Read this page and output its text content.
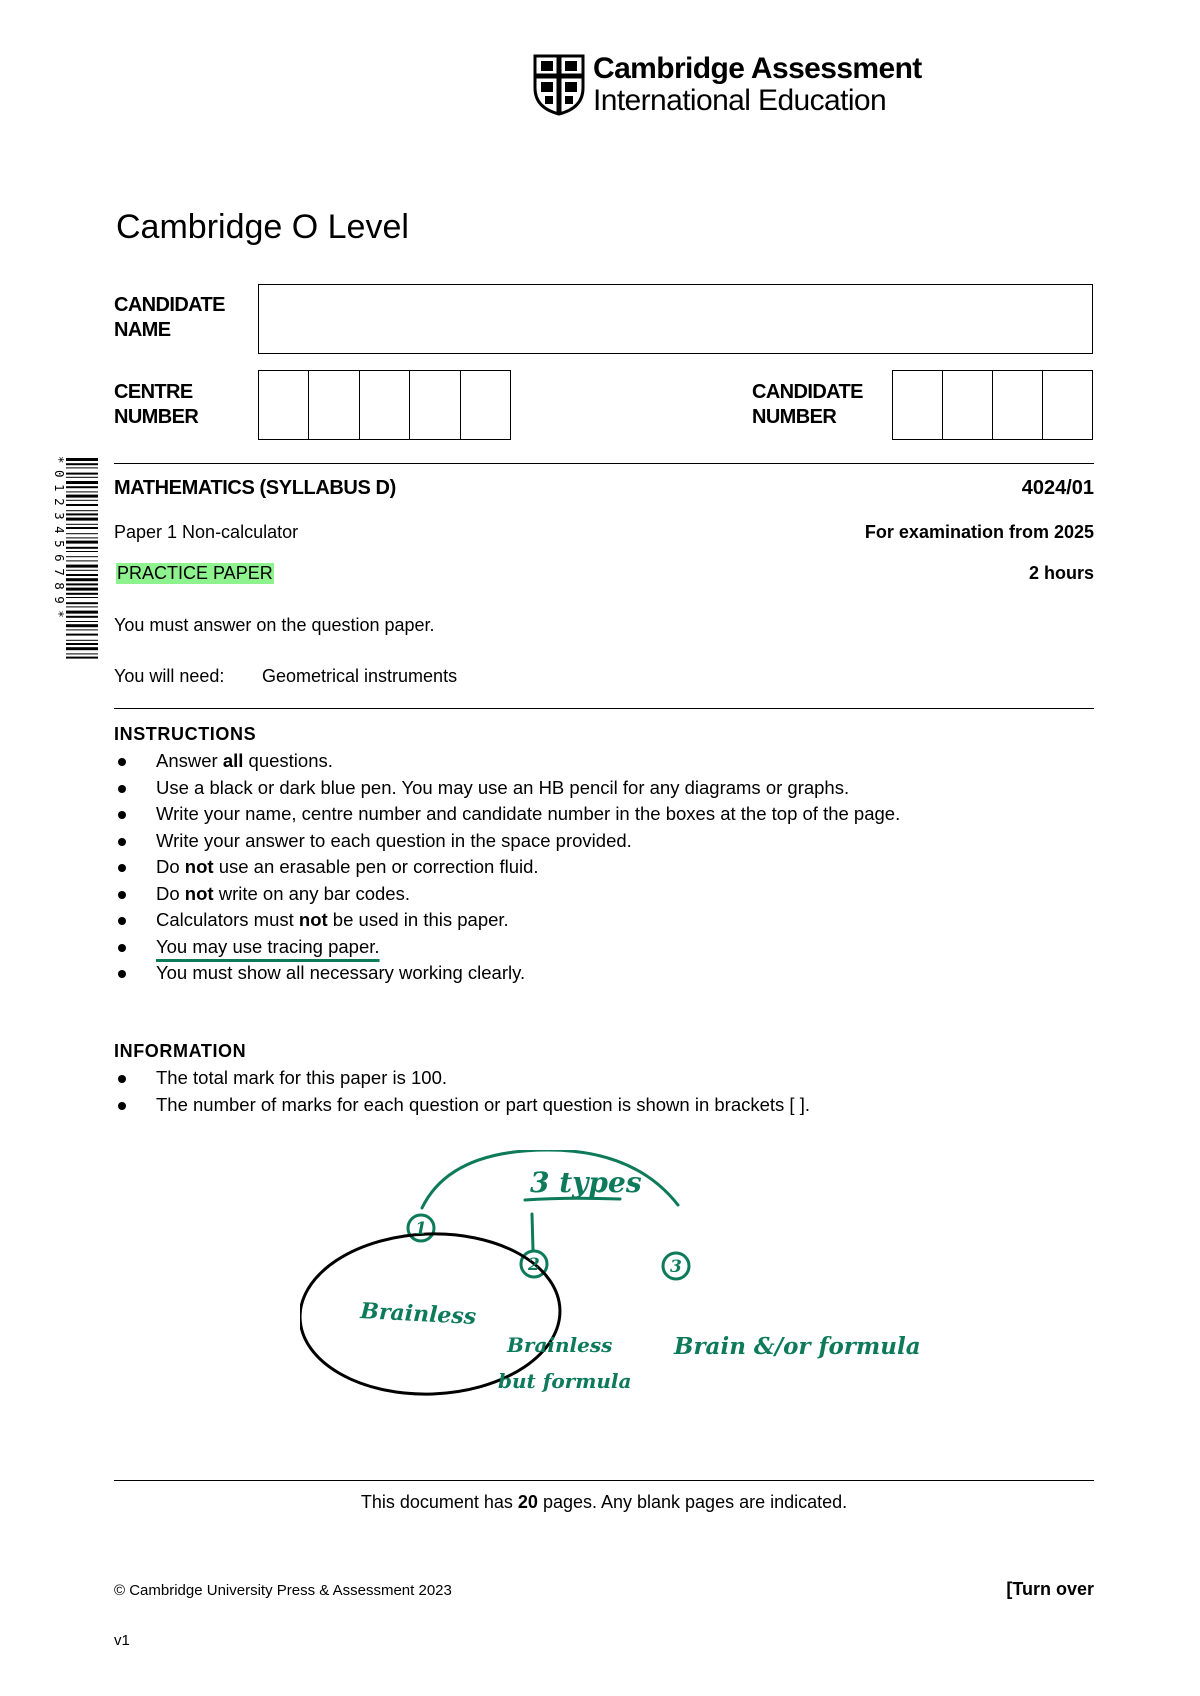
Cambridge Assessment
International Education
Cambridge O Level
CANDIDATE
NAME
CENTRE
NUMBER
CANDIDATE
NUMBER
*0123456789* MATHEMATICS (SYLLABUS D)	4024/01
Paper 1 Non-calculator	For examination from 2025
PRACTICE PAPER	2 hours
You must answer on the question paper.
You will need: Geometrical instruments
INSTRUCTIONS
Answer all questions.
Use a black or dark blue pen. You may use an HB pencil for any diagrams or graphs.
Write your name, centre number and candidate number in the boxes at the top of the page.
Write your answer to each question in the space provided.
Do not use an erasable pen or correction fluid.
Do not write on any bar codes.
Calculators must not be used in this paper.
You may use tracing paper.
You must show all necessary working clearly.
INFORMATION
The total mark for this paper is 100.
The number of marks for each question or part question is shown in brackets [ ].
3 types
1
2	3
Brainless
Brainless
but formula
Brain &/or formula
This document has 20 pages. Any blank pages are indicated.
© Cambridge University Press & Assessment 2023	[Turn over
v1
